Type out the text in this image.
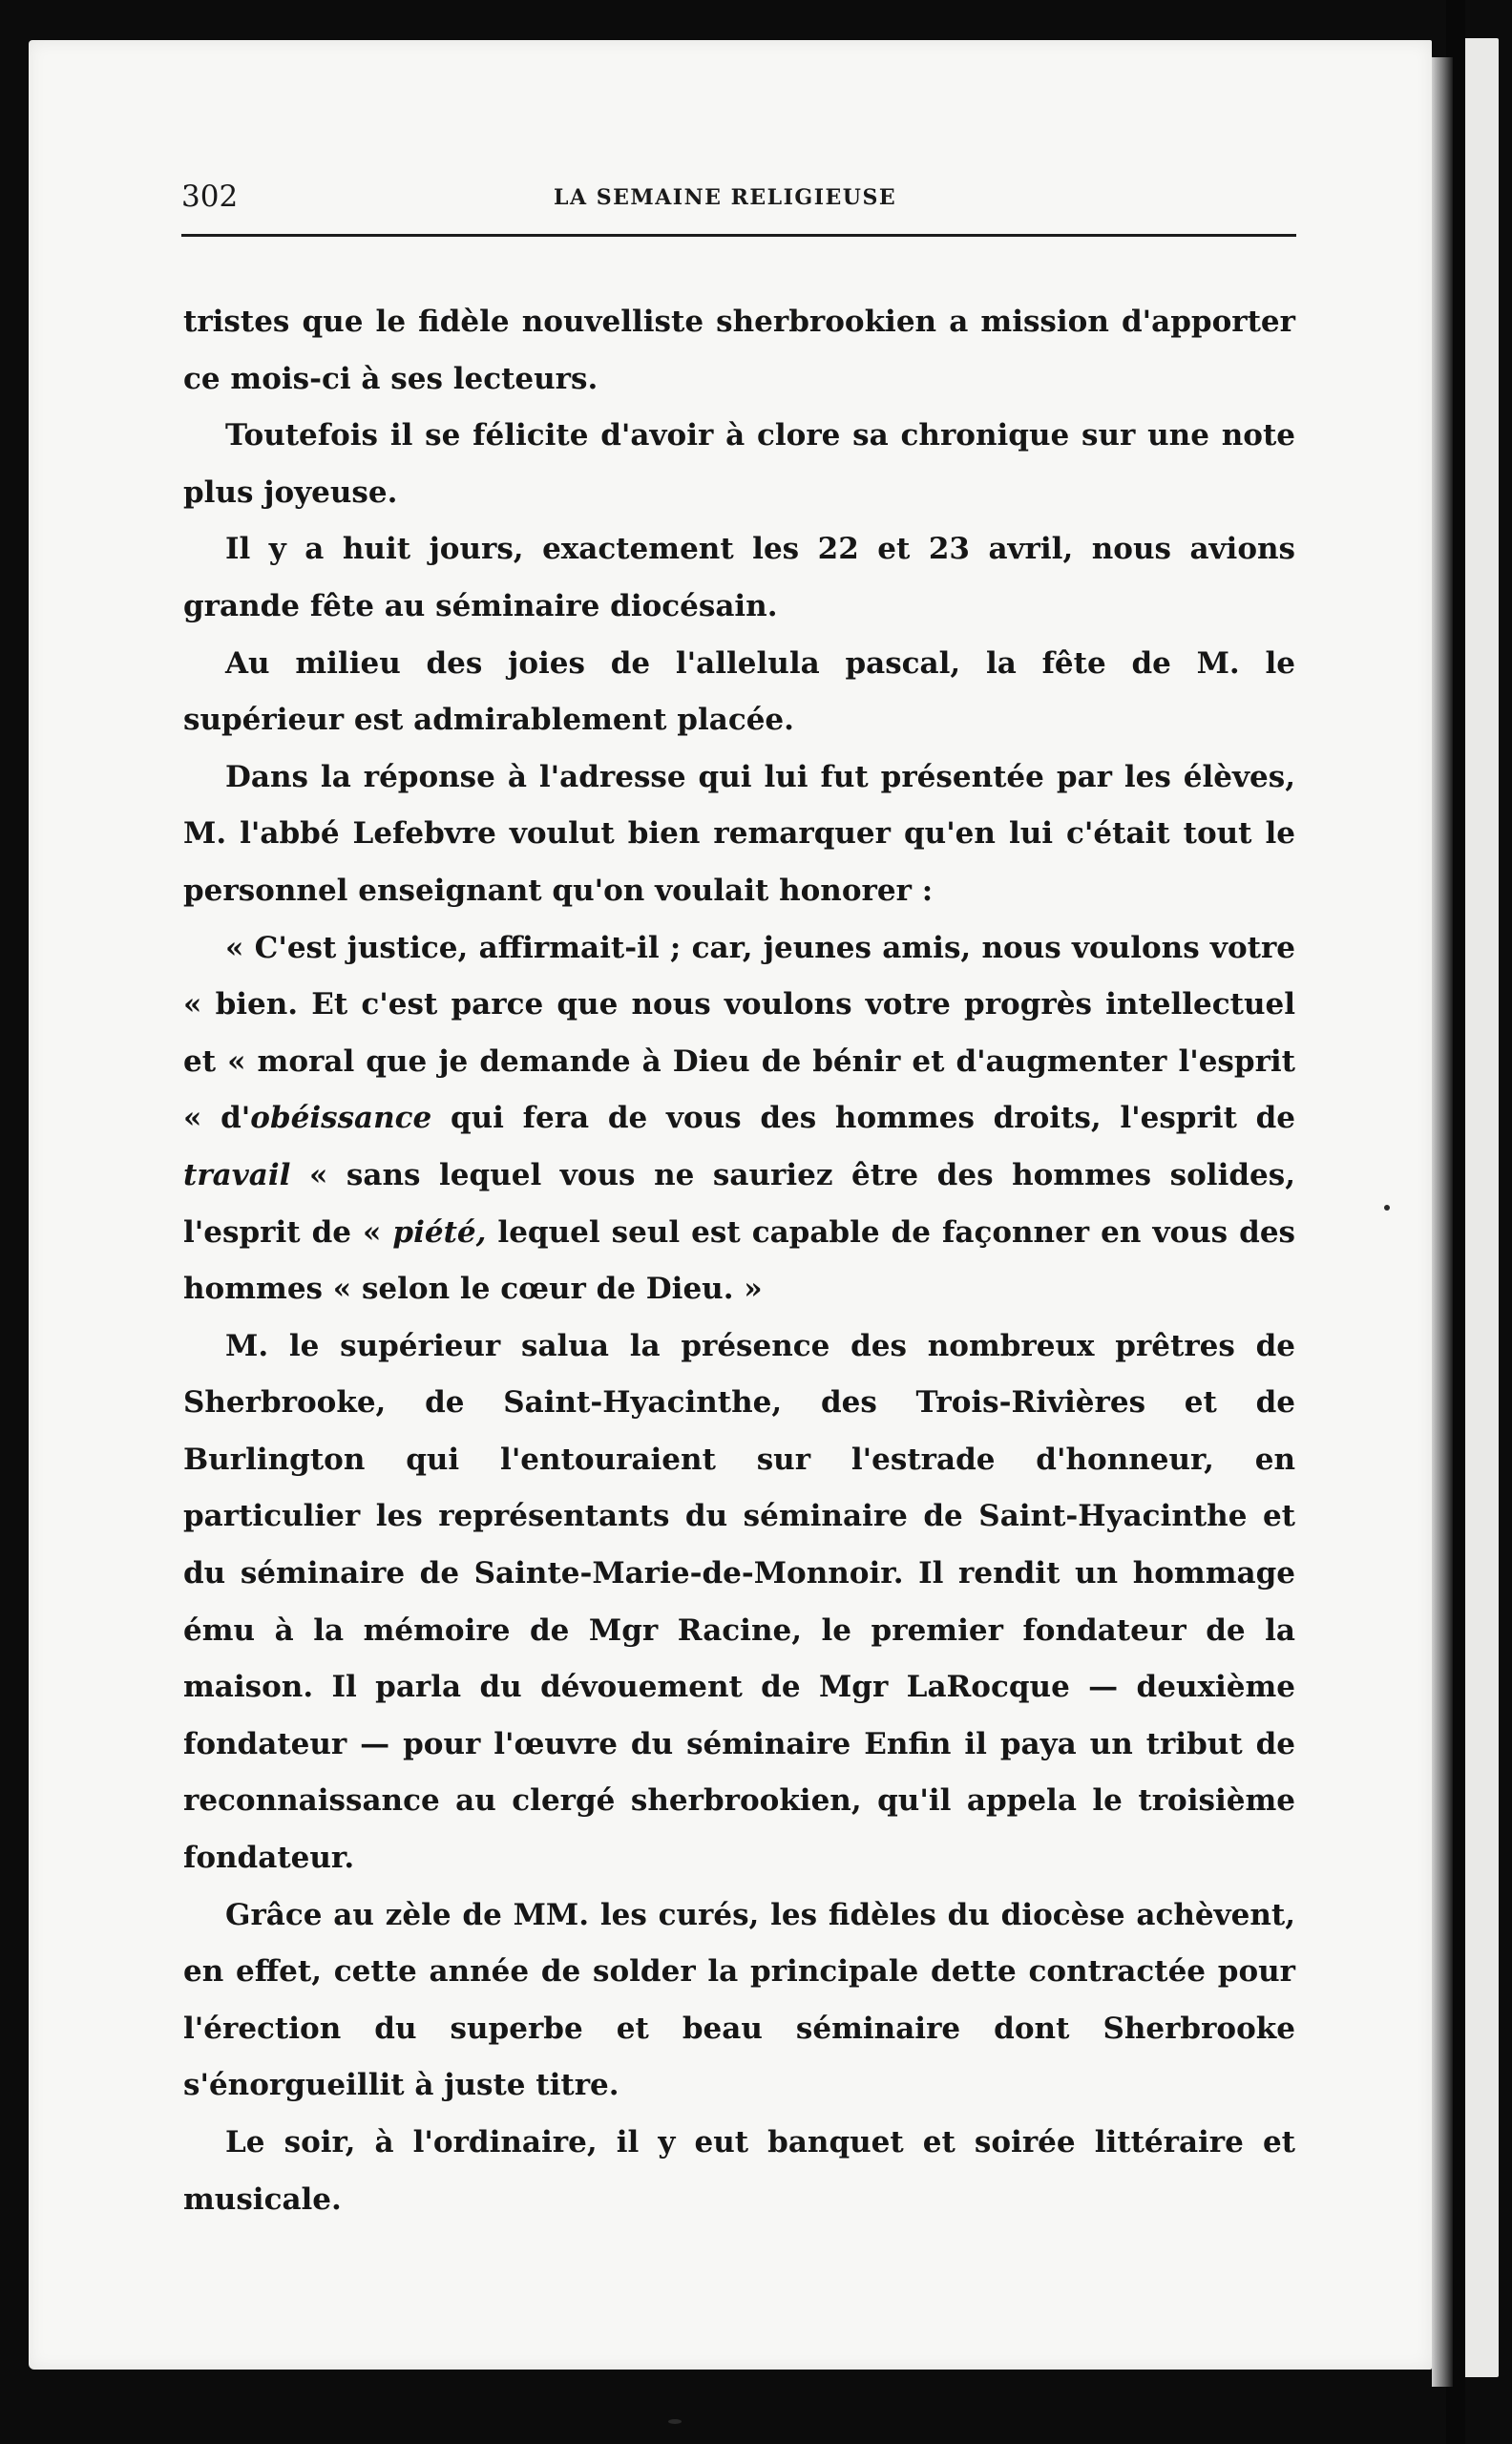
302	LA SEMAINE RELIGIEUSE

tristes que le fidèle nouvelliste sherbrookien a mission d'apporter ce mois-ci à ses lecteurs.

Toutefois il se félicite d'avoir à clore sa chronique sur une note plus joyeuse.

Il y a huit jours, exactement les 22 et 23 avril, nous avions grande fête au séminaire diocésain.

Au milieu des joies de l'allelula pascal, la fête de M. le supérieur est admirablement placée.

Dans la réponse à l'adresse qui lui fut présentée par les élèves, M. l'abbé Lefebvre voulut bien remarquer qu'en lui c'était tout le personnel enseignant qu'on voulait honorer :

« C'est justice, affirmait-il ; car, jeunes amis, nous voulons votre « bien. Et c'est parce que nous voulons votre progrès intellectuel et « moral que je demande à Dieu de bénir et d'augmenter l'esprit « d'obéissance qui fera de vous des hommes droits, l'esprit de travail « sans lequel vous ne sauriez être des hommes solides, l'esprit de « piété, lequel seul est capable de façonner en vous des hommes « selon le cœur de Dieu. »

M. le supérieur salua la présence des nombreux prêtres de Sherbrooke, de Saint-Hyacinthe, des Trois-Rivières et de Burlington qui l'entouraient sur l'estrade d'honneur, en particulier les représentants du séminaire de Saint-Hyacinthe et du séminaire de Sainte-Marie-de-Monnoir. Il rendit un hommage ému à la mémoire de Mgr Racine, le premier fondateur de la maison. Il parla du dévouement de Mgr LaRocque — deuxième fondateur — pour l'œuvre du séminaire Enfin il paya un tribut de reconnaissance au clergé sherbrookien, qu'il appela le troisième fondateur.

Grâce au zèle de MM. les curés, les fidèles du diocèse achèvent, en effet, cette année de solder la principale dette contractée pour l'érection du superbe et beau séminaire dont Sherbrooke s'énorgueillit à juste titre.

Le soir, à l'ordinaire, il y eut banquet et soirée littéraire et musicale.
